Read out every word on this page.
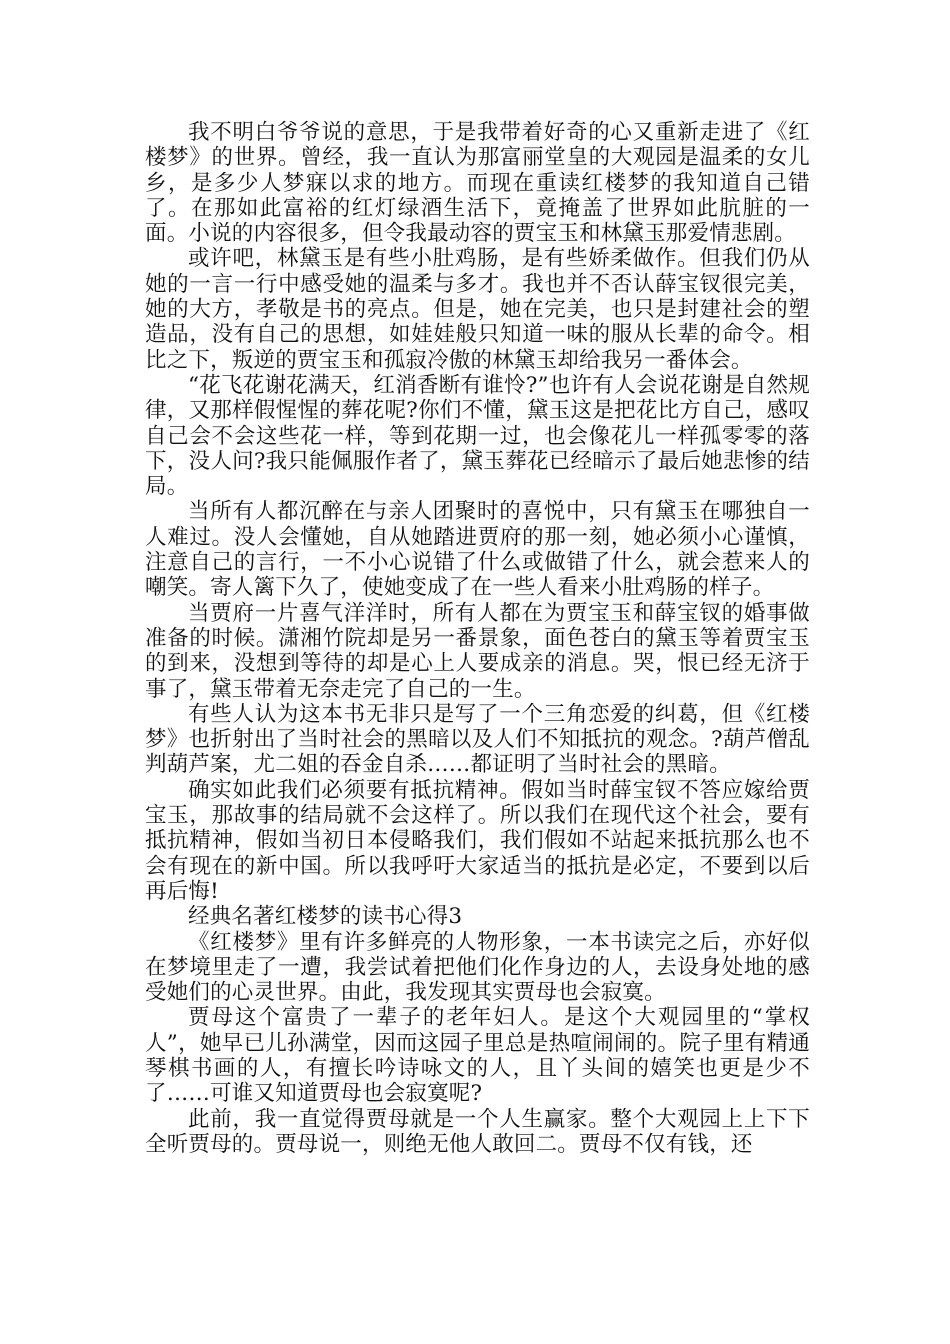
我不明白爷爷说的意思，于是我带着好奇的心又重新走进了《红楼梦》的世界。曾经，我一直认为那富丽堂皇的大观园是温柔的女儿乡，是多少人梦寐以求的地方。而现在重读红楼梦的我知道自己错了。在那如此富裕的红灯绿酒生活下，竟掩盖了世界如此肮脏的一面。小说的内容很多，但令我最动容的贾宝玉和林黛玉那爱情悲剧。

或许吧，林黛玉是有些小肚鸡肠，是有些娇柔做作。但我们仍从她的一言一行中感受她的温柔与多才。我也并不否认薛宝钗很完美，她的大方，孝敬是书的亮点。但是，她在完美，也只是封建社会的塑造品，没有自己的思想，如娃娃般只知道一味的服从长辈的命令。相比之下，叛逆的贾宝玉和孤寂冷傲的林黛玉却给我另一番体会。

“花飞花谢花满天，红消香断有谁怜?”也许有人会说花谢是自然规律，又那样假惺惺的葬花呢?你们不懂，黛玉这是把花比方自己，感叹自己会不会这些花一样，等到花期一过，也会像花儿一样孤零零的落下，没人问?我只能佩服作者了，黛玉葬花已经暗示了最后她悲惨的结局。

当所有人都沉醉在与亲人团聚时的喜悦中，只有黛玉在哪独自一人难过。没人会懂她，自从她踏进贾府的那一刻，她必须小心谨慎，注意自己的言行，一不小心说错了什么或做错了什么，就会惹来人的嘲笑。寄人篱下久了，使她变成了在一些人看来小肚鸡肠的样子。

当贾府一片喜气洋洋时，所有人都在为贾宝玉和薛宝钗的婚事做准备的时候。潇湘竹院却是另一番景象，面色苍白的黛玉等着贾宝玉的到来，没想到等待的却是心上人要成亲的消息。哭，恨已经无济于事了，黛玉带着无奈走完了自己的一生。

有些人认为这本书无非只是写了一个三角恋爱的纠葛，但《红楼梦》也折射出了当时社会的黑暗以及人们不知抵抗的观念。?葫芦僧乱判葫芦案，尤二姐的吞金自杀……都证明了当时社会的黑暗。

确实如此我们必须要有抵抗精神。假如当时薛宝钗不答应嫁给贾宝玉，那故事的结局就不会这样了。所以我们在现代这个社会，要有抵抗精神，假如当初日本侵略我们，我们假如不站起来抵抗那么也不会有现在的新中国。所以我呼吁大家适当的抵抗是必定，不要到以后再后悔!

经典名著红楼梦的读书心得3

《红楼梦》里有许多鲜亮的人物形象，一本书读完之后，亦好似在梦境里走了一遭，我尝试着把他们化作身边的人，去设身处地的感受她们的心灵世界。由此，我发现其实贾母也会寂寞。

贾母这个富贵了一辈子的老年妇人。是这个大观园里的“掌权人”，她早已儿孙满堂，因而这园子里总是热喧闹闹的。院子里有精通琴棋书画的人，有擅长吟诗咏文的人，且丫头间的嬉笑也更是少不了……可谁又知道贾母也会寂寞呢?

此前，我一直觉得贾母就是一个人生赢家。整个大观园上上下下全听贾母的。贾母说一，则绝无他人敢回二。贾母不仅有钱，还
